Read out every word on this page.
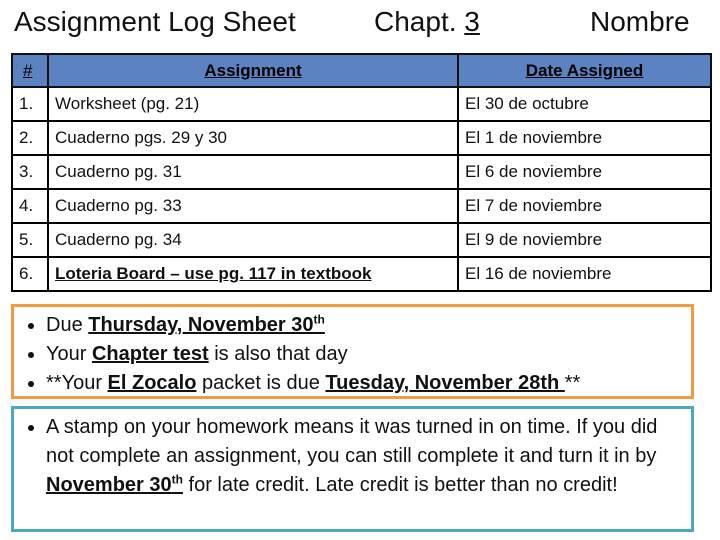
Assignment Log Sheet	Chapt. 3	Nombre
#	Assignment	Date Assigned
1.	Worksheet (pg. 21)	El 30 de octubre
2.	Cuaderno pgs. 29 y 30	El 1 de noviembre
3.	Cuaderno pg. 31	El 6 de noviembre
4.	Cuaderno pg. 33	El 7 de noviembre
5.	Cuaderno pg. 34	El 9 de noviembre
6.	Loteria Board – use pg. 117 in textbook	El 16 de noviembre
• Due Thursday, November 30th
• Your Chapter test is also that day
• **Your El Zocalo packet is due Tuesday, November 28th **
• A stamp on your homework means it was turned in on time. If you did not complete an assignment, you can still complete it and turn it in by November 30th for late credit. Late credit is better than no credit!
